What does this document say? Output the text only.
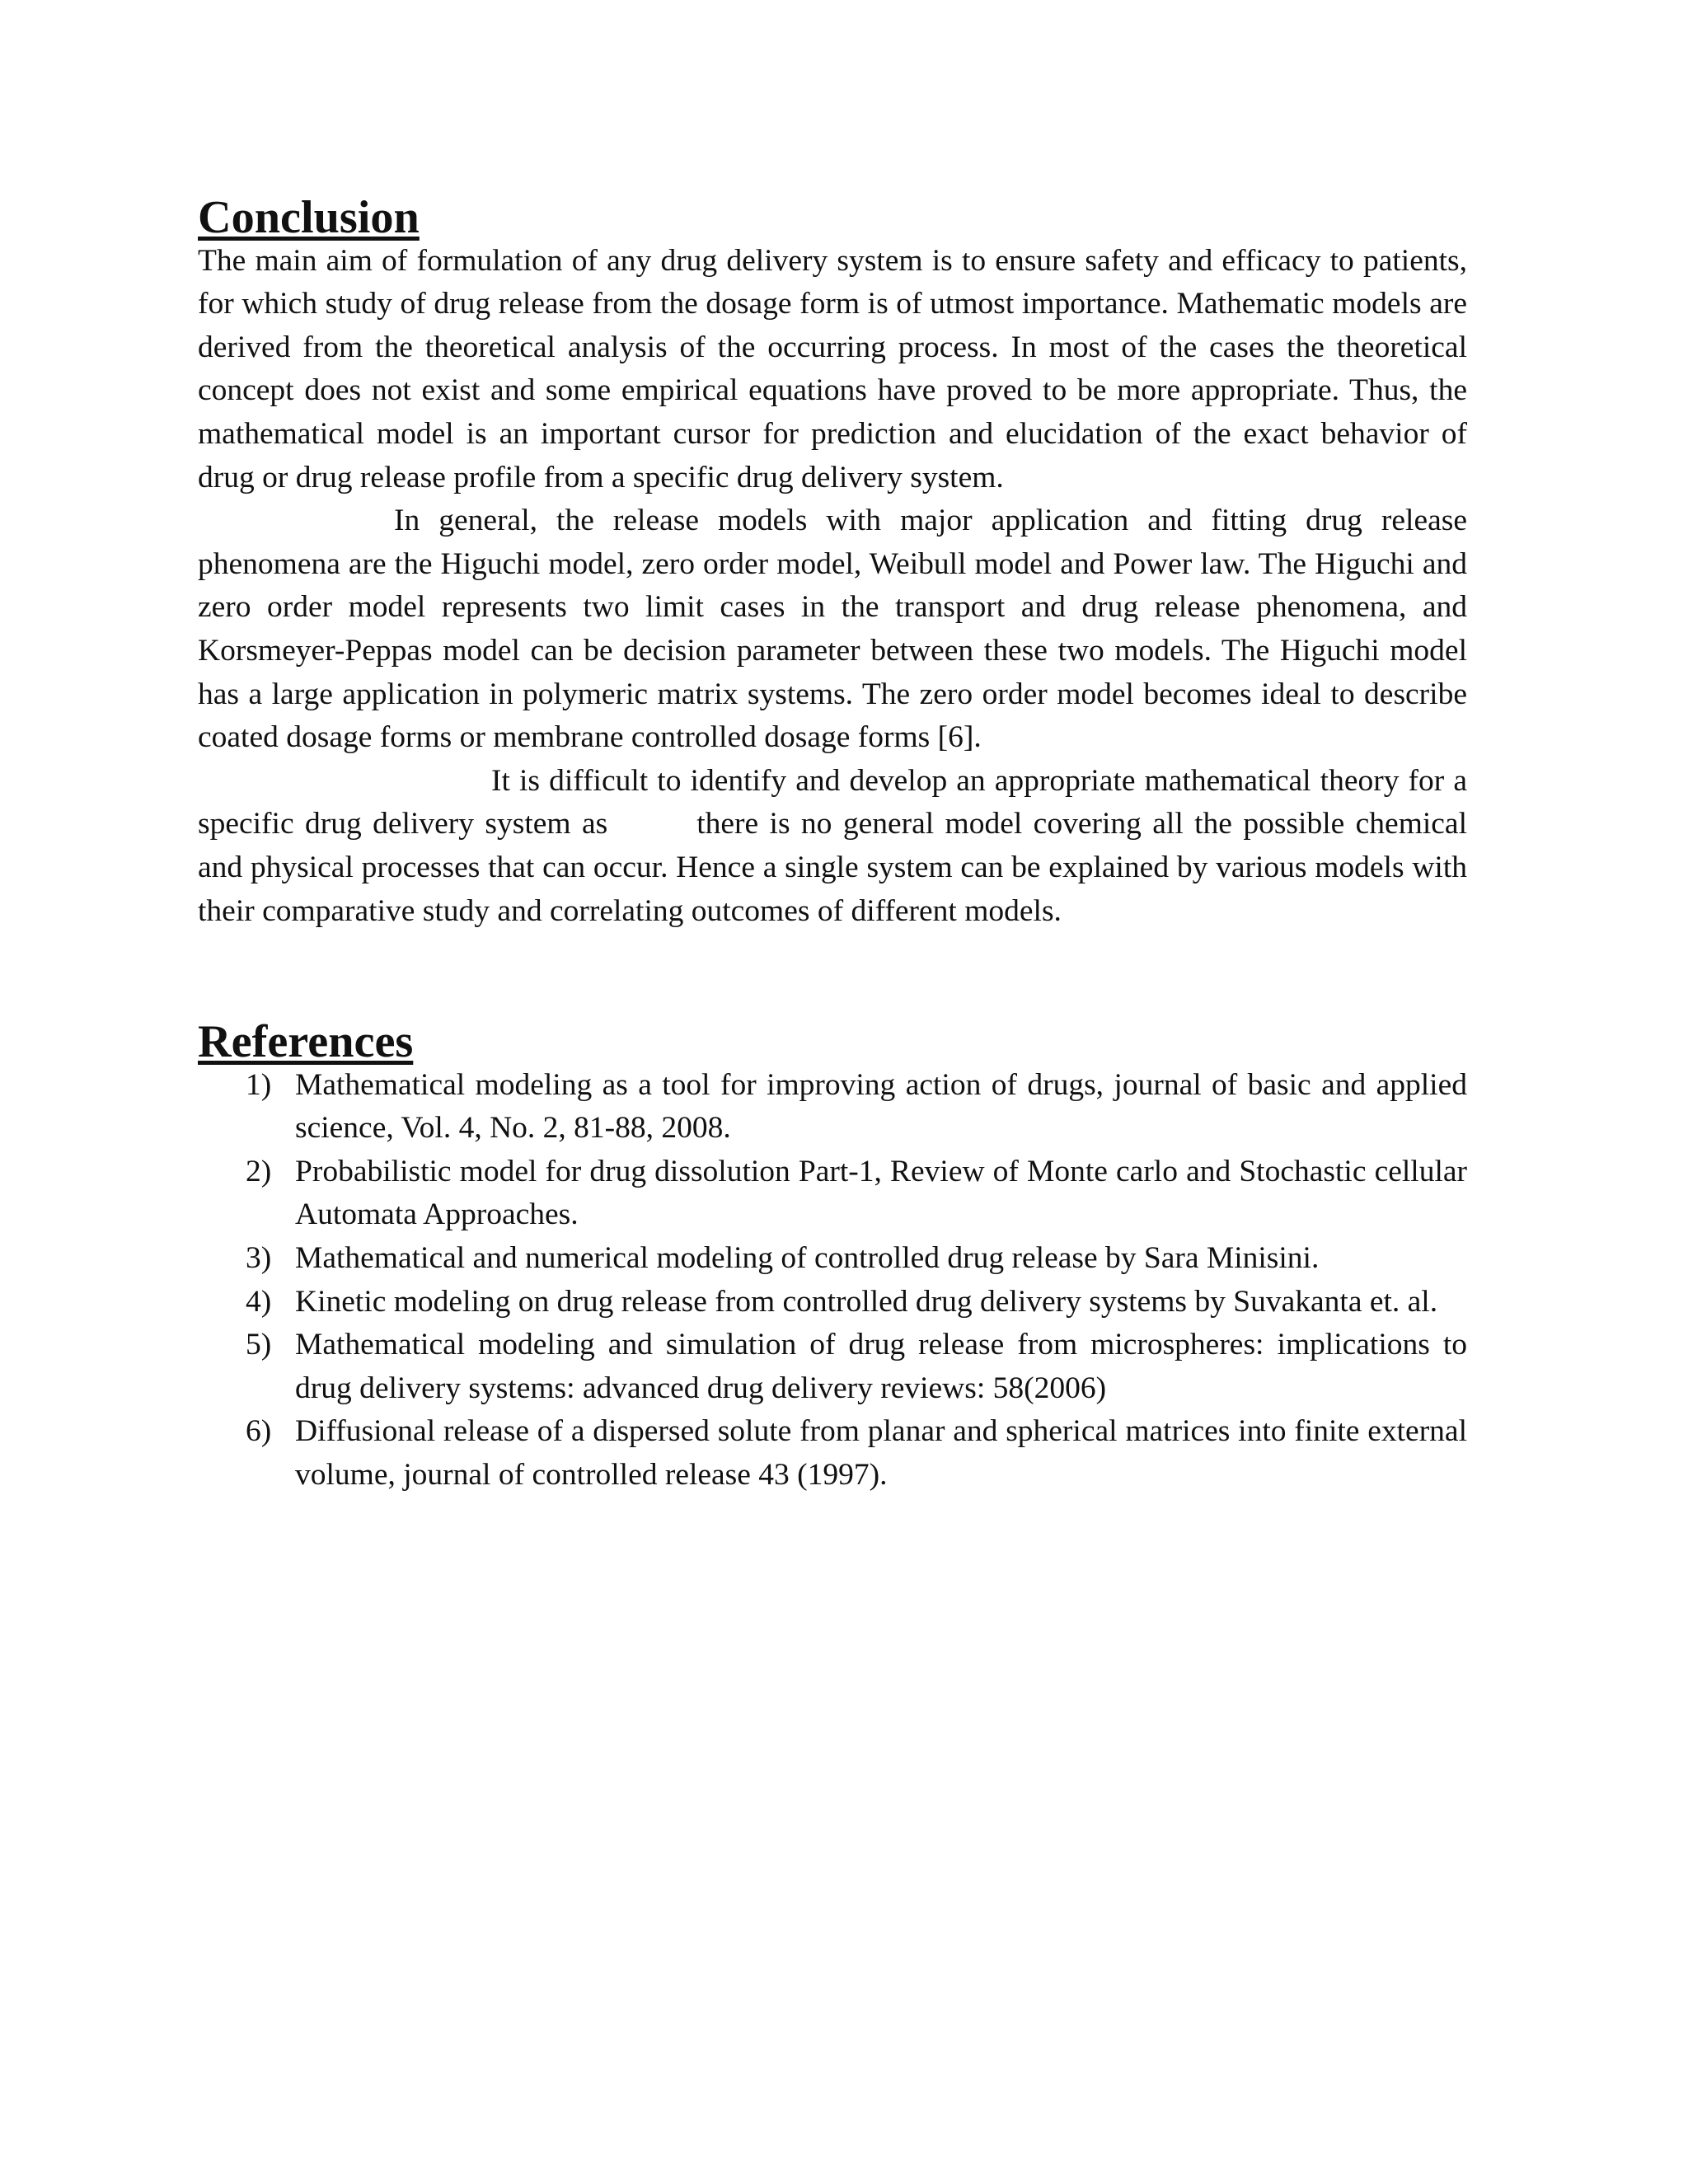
Conclusion

The main aim of formulation of any drug delivery system is to ensure safety and efficacy to patients, for which study of drug release from the dosage form is of utmost importance. Mathematic models are derived from the theoretical analysis of the occurring process. In most of the cases the theoretical concept does not exist and some empirical equations have proved to be more appropriate. Thus, the mathematical model is an important cursor for prediction and elucidation of the exact behavior of drug or drug release profile from a specific drug delivery system.

In general, the release models with major application and fitting drug release phenomena are the Higuchi model, zero order model, Weibull model and Power law. The Higuchi and zero order model represents two limit cases in the transport and drug release phenomena, and Korsmeyer-Peppas model can be decision parameter between these two models. The Higuchi model has a large application in polymeric matrix systems. The zero order model becomes ideal to describe coated dosage forms or membrane controlled dosage forms [6].

It is difficult to identify and develop an appropriate mathematical theory for a specific drug delivery system as	there is no general model covering all the possible chemical and physical processes that can occur. Hence a single system can be explained by various models with their comparative study and correlating outcomes of different models.

References
1) Mathematical modeling as a tool for improving action of drugs, journal of basic and applied science, Vol. 4, No. 2, 81-88, 2008.
2) Probabilistic model for drug dissolution Part-1, Review of Monte carlo and Stochastic cellular Automata Approaches.
3) Mathematical and numerical modeling of controlled drug release by Sara Minisini.
4) Kinetic modeling on drug release from controlled drug delivery systems by Suvakanta et. al.
5) Mathematical modeling and simulation of drug release from microspheres: implications to drug delivery systems: advanced drug delivery reviews: 58(2006)
6) Diffusional release of a dispersed solute from planar and spherical matrices into finite external volume, journal of controlled release 43 (1997).
